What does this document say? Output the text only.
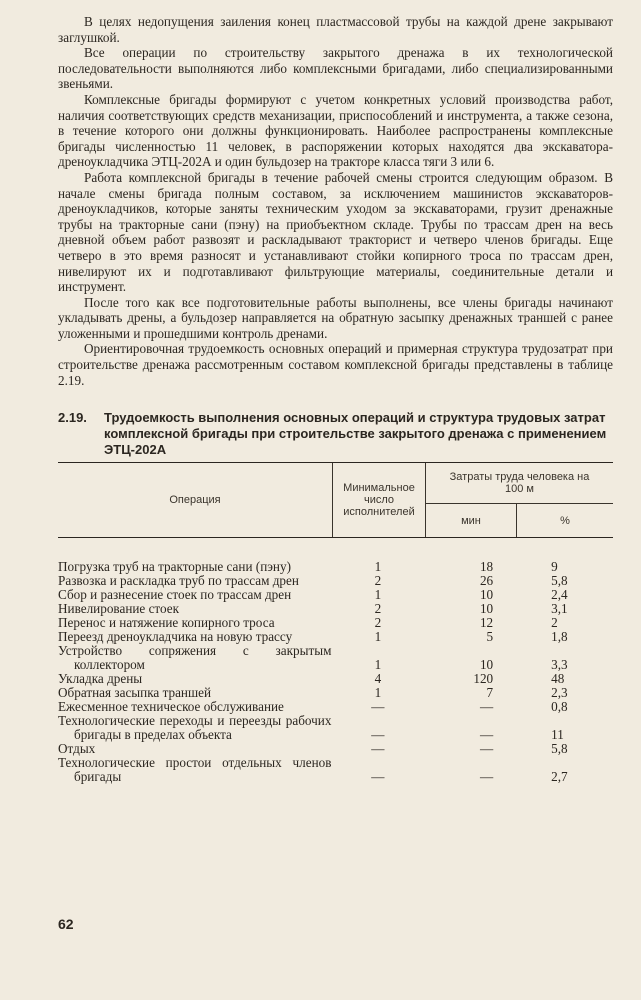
В целях недопущения заиления конец пластмассовой трубы на каждой дрене закрывают заглушкой.

Все операции по строительству закрытого дренажа в их технологической последовательности выполняются либо комплексными бригадами, либо специализированными звеньями.

Комплексные бригады формируют с учетом конкретных условий производства работ, наличия соответствующих средств механизации, приспособлений и инструмента, а также сезона, в течение которого они должны функционировать. Наиболее распространены комплексные бригады численностью 11 человек, в распоряжении которых находятся два экскаватора-дреноукладчика ЭТЦ-202А и один бульдозер на тракторе класса тяги 3 или 6.

Работа комплексной бригады в течение рабочей смены строится следующим образом. В начале смены бригада полным составом, за исключением машинистов экскаваторов-дреноукладчиков, которые заняты техническим уходом за экскаваторами, грузит дренажные трубы на тракторные сани (пэну) на приобъектном складе. Трубы по трассам дрен на весь дневной объем работ развозят и раскладывают тракторист и четверо членов бригады. Еще четверо в это время разносят и устанавливают стойки копирного троса по трассам дрен, нивелируют их и подготавливают фильтрующие материалы, соединительные детали и инструмент.

После того как все подготовительные работы выполнены, все члены бригады начинают укладывать дрены, а бульдозер направляется на обратную засыпку дренажных траншей с ранее уложенными и прошедшими контроль дренами.

Ориентировочная трудоемкость основных операций и примерная структура трудозатрат при строительстве дренажа рассмотренным составом комплексной бригады представлены в таблице 2.19.

2.19. Трудоемкость выполнения основных операций и структура трудовых затрат комплексной бригады при строительстве закрытого дренажа с применением ЭТЦ-202А
Операция
Минимальное число исполнителей
Затраты труда человека на 100 м
мин	%
Погрузка труб на тракторные сани (пэну)	1	18	9
Развозка и раскладка труб по трассам дрен	2	26	5,8
Сбор и разнесение стоек по трассам дрен	1	10	2,4
Нивелирование стоек	2	10	3,1
Перенос и натяжение копирного троса	2	12	2
Переезд дреноукладчика на новую трассу	1	5	1,8
Устройство сопряжения с закрытым коллектором	1	10	3,3
Укладка дрены	4	120	48
Обратная засыпка траншей	1	7	2,3
Ежесменное техническое обслуживание	—	—	0,8
Технологические переходы и переезды рабочих бригады в пределах объекта	—	—	11
Отдых	—	—	5,8
Технологические простои отдельных членов бригады	—	—	2,7
62
